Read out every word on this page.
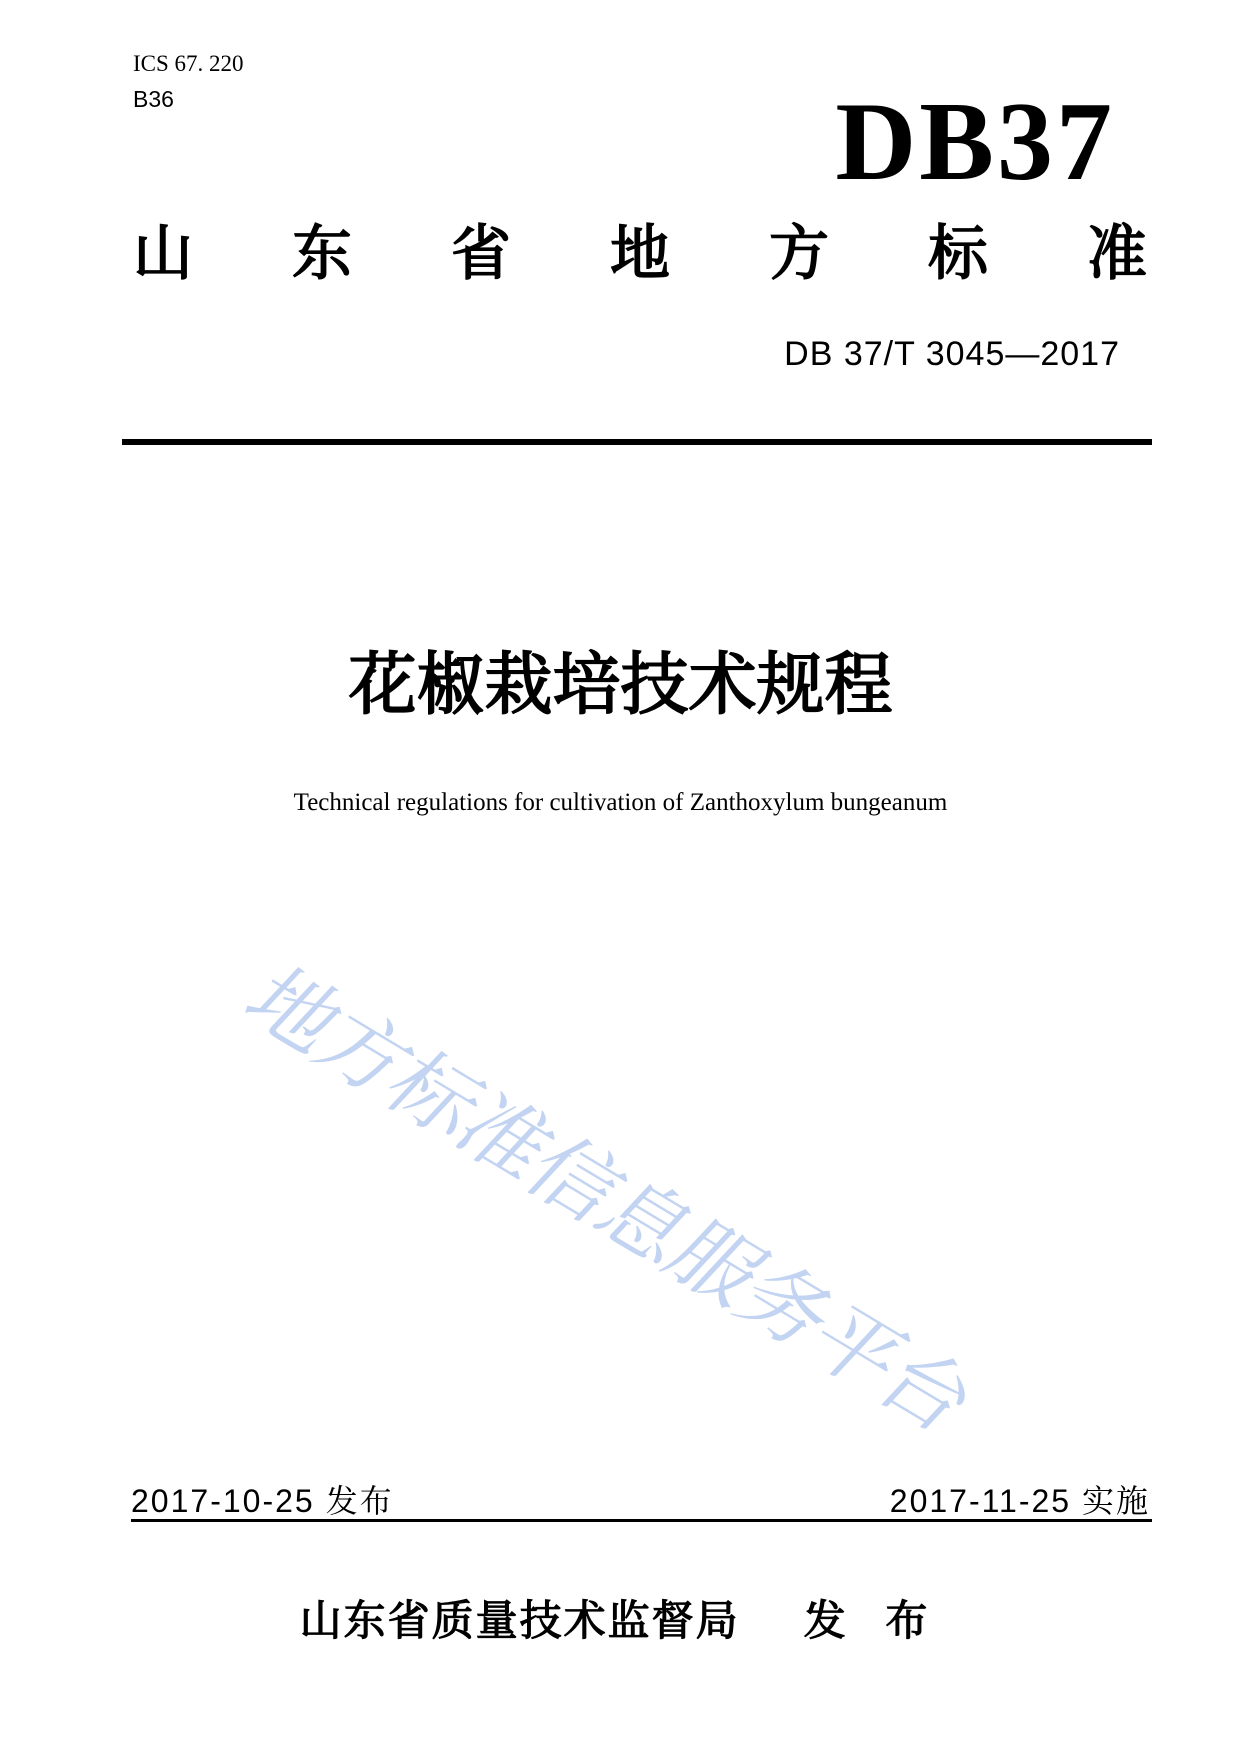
ICS 67. 220
B36	DB37
山 东 省 地 方 标 准
DB 37/T 3045—2017
花椒栽培技术规程
Technical regulations for cultivation of Zanthoxylum bungeanum
地方标准信息服务平台
2017-10-25 发布	2017-11-25 实施
山东省质量技术监督局 发 布
